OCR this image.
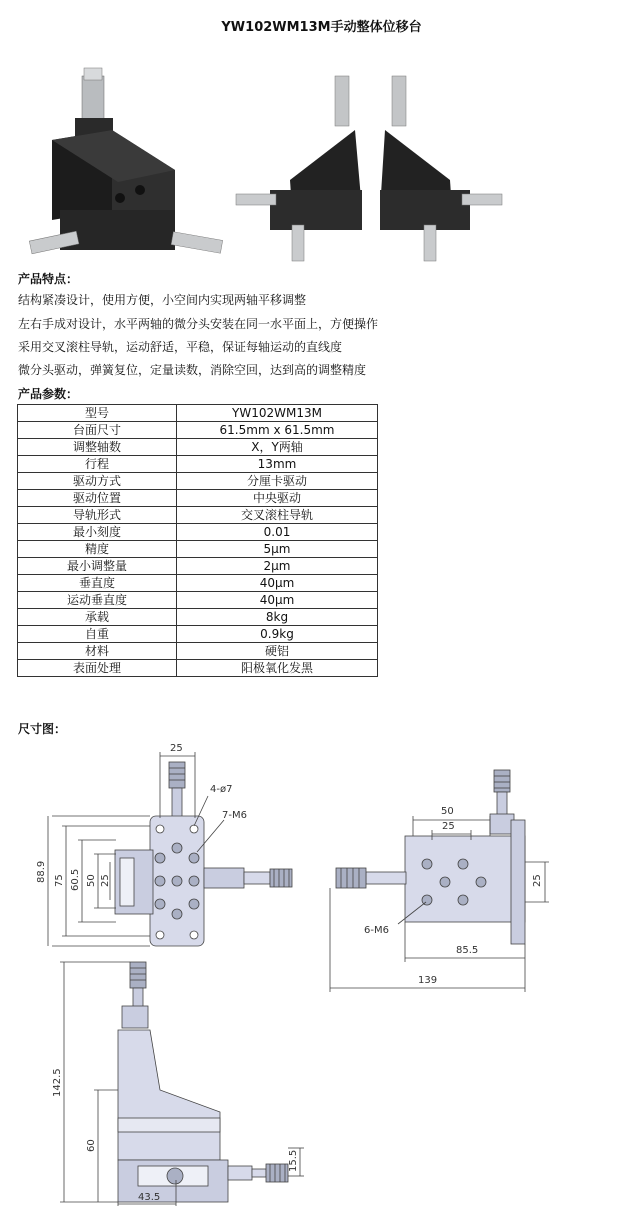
YW102WM13M手动整体位移台
产品特点：
结构紧凑设计，使用方便，小空间内实现两轴平移调整
左右手成对设计，水平两轴的微分头安装在同一水平面上，方便操作
采用交叉滚柱导轨，运动舒适，平稳，保证每轴运动的直线度
微分头驱动，弹簧复位，定量读数，消除空回，达到高的调整精度
产品参数：
型号	YW102WM13M
台面尺寸	61.5mm x 61.5mm
调整轴数	X，Y两轴
行程	13mm
驱动方式	分厘卡驱动
驱动位置	中央驱动
导轨形式	交叉滚柱导轨
最小刻度	0.01
精度	5μm
最小调整量	2μm
垂直度	40μm
运动垂直度	40μm
承载	8kg
自重	0.9kg
材料	硬铝
表面处理	阳极氧化发黑
尺寸图：
25
4-ø7
7-M6
88.9 75 60.5 50 25
50
25
25
6-M6
85.5
139
142.5
60
15.5
43.5
